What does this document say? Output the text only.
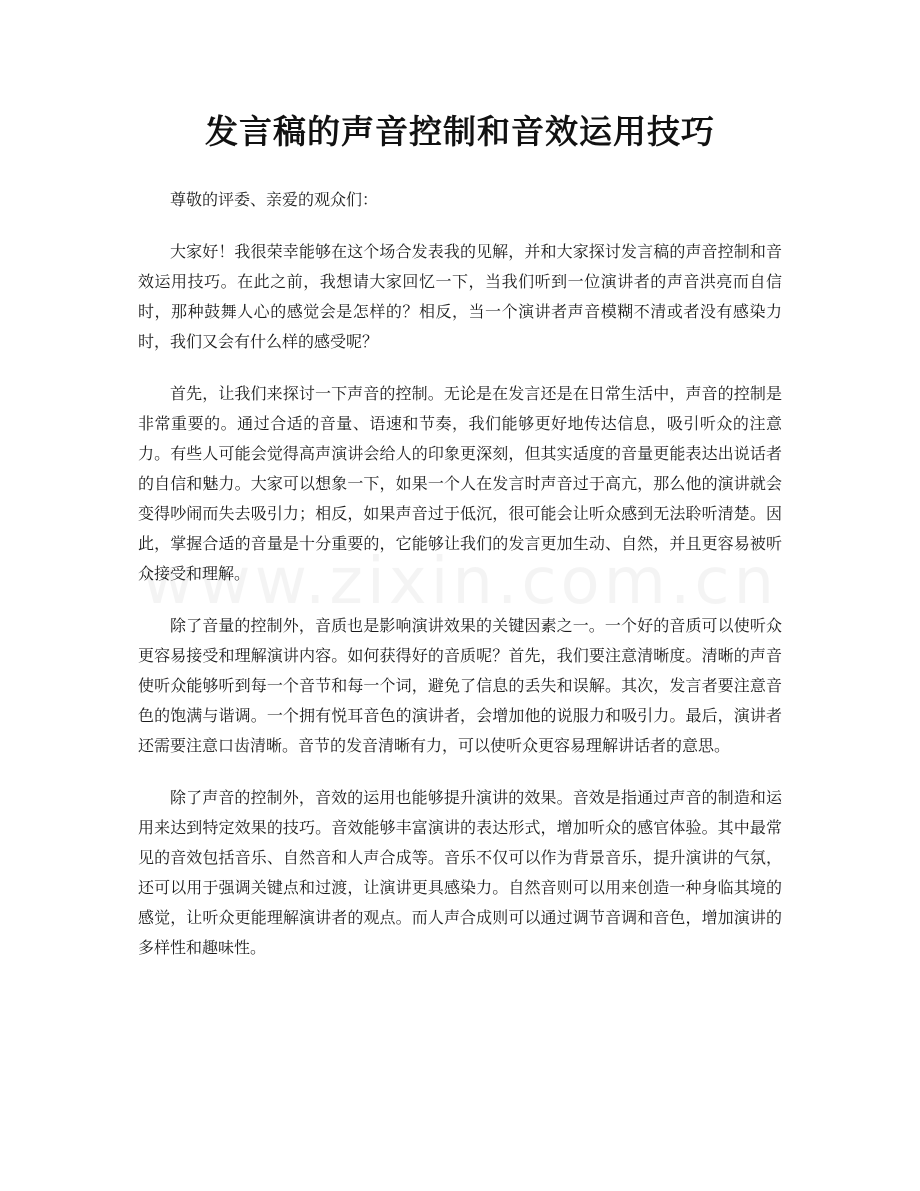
发言稿的声音控制和音效运用技巧

尊敬的评委、亲爱的观众们：

大家好！我很荣幸能够在这个场合发表我的见解，并和大家探讨发言稿的声音控制和音效运用技巧。在此之前，我想请大家回忆一下，当我们听到一位演讲者的声音洪亮而自信时，那种鼓舞人心的感觉会是怎样的？相反，当一个演讲者声音模糊不清或者没有感染力时，我们又会有什么样的感受呢？

首先，让我们来探讨一下声音的控制。无论是在发言还是在日常生活中，声音的控制是非常重要的。通过合适的音量、语速和节奏，我们能够更好地传达信息，吸引听众的注意力。有些人可能会觉得高声演讲会给人的印象更深刻，但其实适度的音量更能表达出说话者的自信和魅力。大家可以想象一下，如果一个人在发言时声音过于高亢，那么他的演讲就会变得吵闹而失去吸引力；相反，如果声音过于低沉，很可能会让听众感到无法聆听清楚。因此，掌握合适的音量是十分重要的，它能够让我们的发言更加生动、自然，并且更容易被听众接受和理解。

除了音量的控制外，音质也是影响演讲效果的关键因素之一。一个好的音质可以使听众更容易接受和理解演讲内容。如何获得好的音质呢？首先，我们要注意清晰度。清晰的声音使听众能够听到每一个音节和每一个词，避免了信息的丢失和误解。其次，发言者要注意音色的饱满与谐调。一个拥有悦耳音色的演讲者，会增加他的说服力和吸引力。最后，演讲者还需要注意口齿清晰。音节的发音清晰有力，可以使听众更容易理解讲话者的意思。

除了声音的控制外，音效的运用也能够提升演讲的效果。音效是指通过声音的制造和运用来达到特定效果的技巧。音效能够丰富演讲的表达形式，增加听众的感官体验。其中最常见的音效包括音乐、自然音和人声合成等。音乐不仅可以作为背景音乐，提升演讲的气氛，还可以用于强调关键点和过渡，让演讲更具感染力。自然音则可以用来创造一种身临其境的感觉，让听众更能理解演讲者的观点。而人声合成则可以通过调节音调和音色，增加演讲的多样性和趣味性。
